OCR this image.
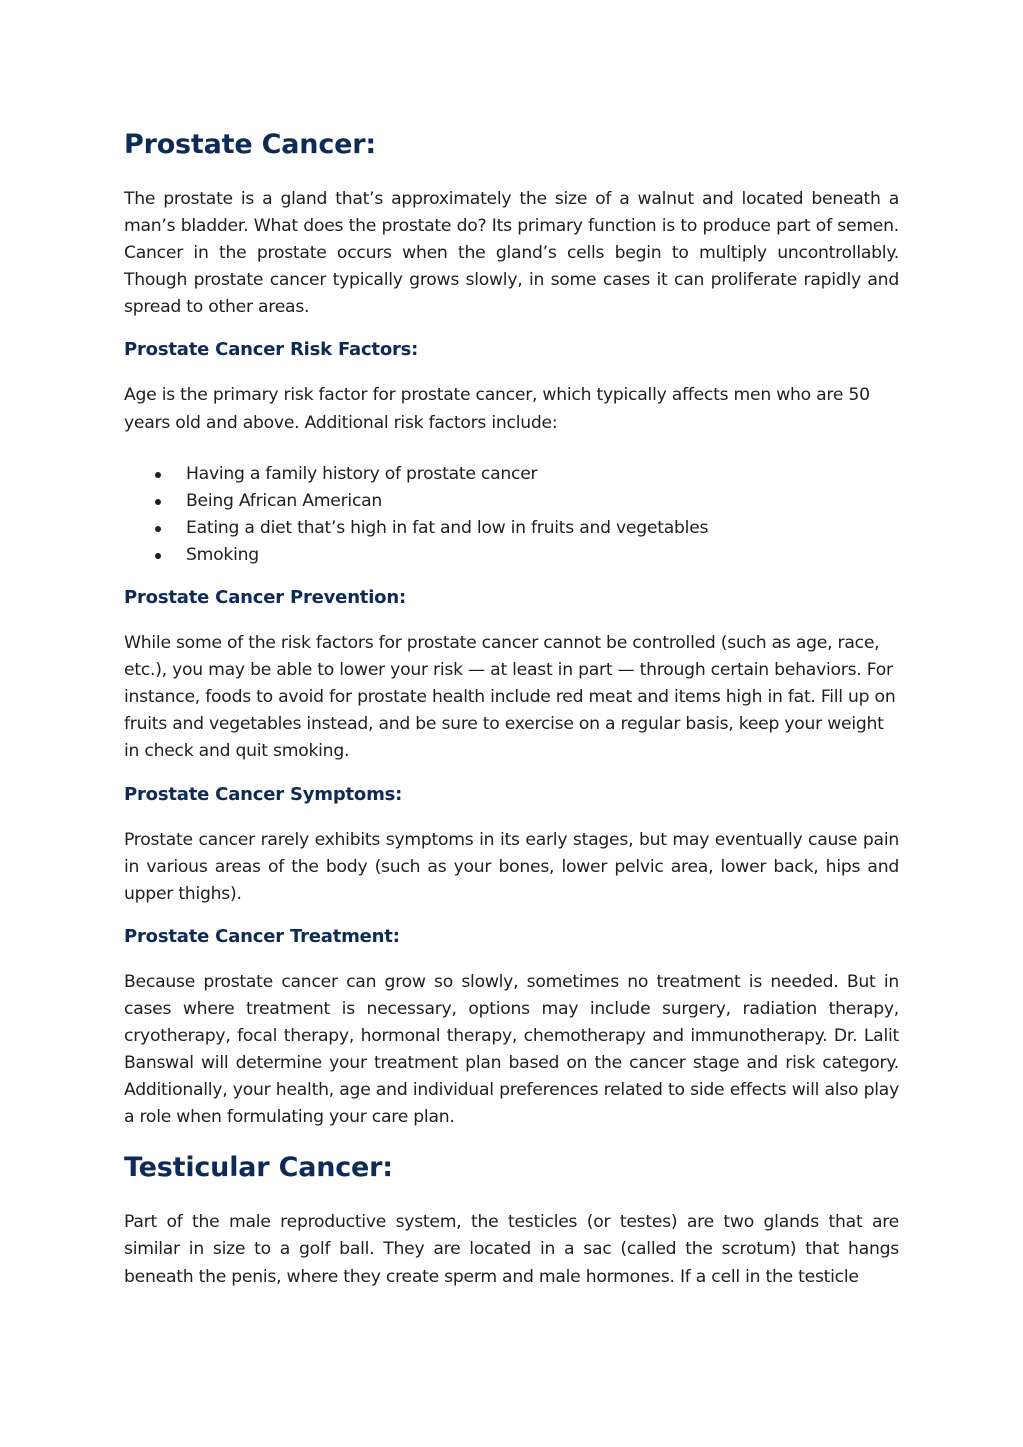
Prostate Cancer:

The prostate is a gland that’s approximately the size of a walnut and located beneath a man’s bladder. What does the prostate do? Its primary function is to produce part of semen. Cancer in the prostate occurs when the gland’s cells begin to multiply uncontrollably. Though prostate cancer typically grows slowly, in some cases it can proliferate rapidly and spread to other areas.

Prostate Cancer Risk Factors:

Age is the primary risk factor for prostate cancer, which typically affects men who are 50 years old and above. Additional risk factors include:

Having a family history of prostate cancer
Being African American
Eating a diet that’s high in fat and low in fruits and vegetables
Smoking
Prostate Cancer Prevention:

While some of the risk factors for prostate cancer cannot be controlled (such as age, race, etc.), you may be able to lower your risk — at least in part — through certain behaviors. For instance, foods to avoid for prostate health include red meat and items high in fat. Fill up on fruits and vegetables instead, and be sure to exercise on a regular basis, keep your weight in check and quit smoking.

Prostate Cancer Symptoms:

Prostate cancer rarely exhibits symptoms in its early stages, but may eventually cause pain in various areas of the body (such as your bones, lower pelvic area, lower back, hips and upper thighs).

Prostate Cancer Treatment:

Because prostate cancer can grow so slowly, sometimes no treatment is needed. But in cases where treatment is necessary, options may include surgery, radiation therapy, cryotherapy, focal therapy, hormonal therapy, chemotherapy and immunotherapy. Dr. Lalit Banswal will determine your treatment plan based on the cancer stage and risk category. Additionally, your health, age and individual preferences related to side effects will also play a role when formulating your care plan.

Testicular Cancer:

Part of the male reproductive system, the testicles (or testes) are two glands that are similar in size to a golf ball. They are located in a sac (called the scrotum) that hangs beneath the penis, where they create sperm and male hormones. If a cell in the testicle
